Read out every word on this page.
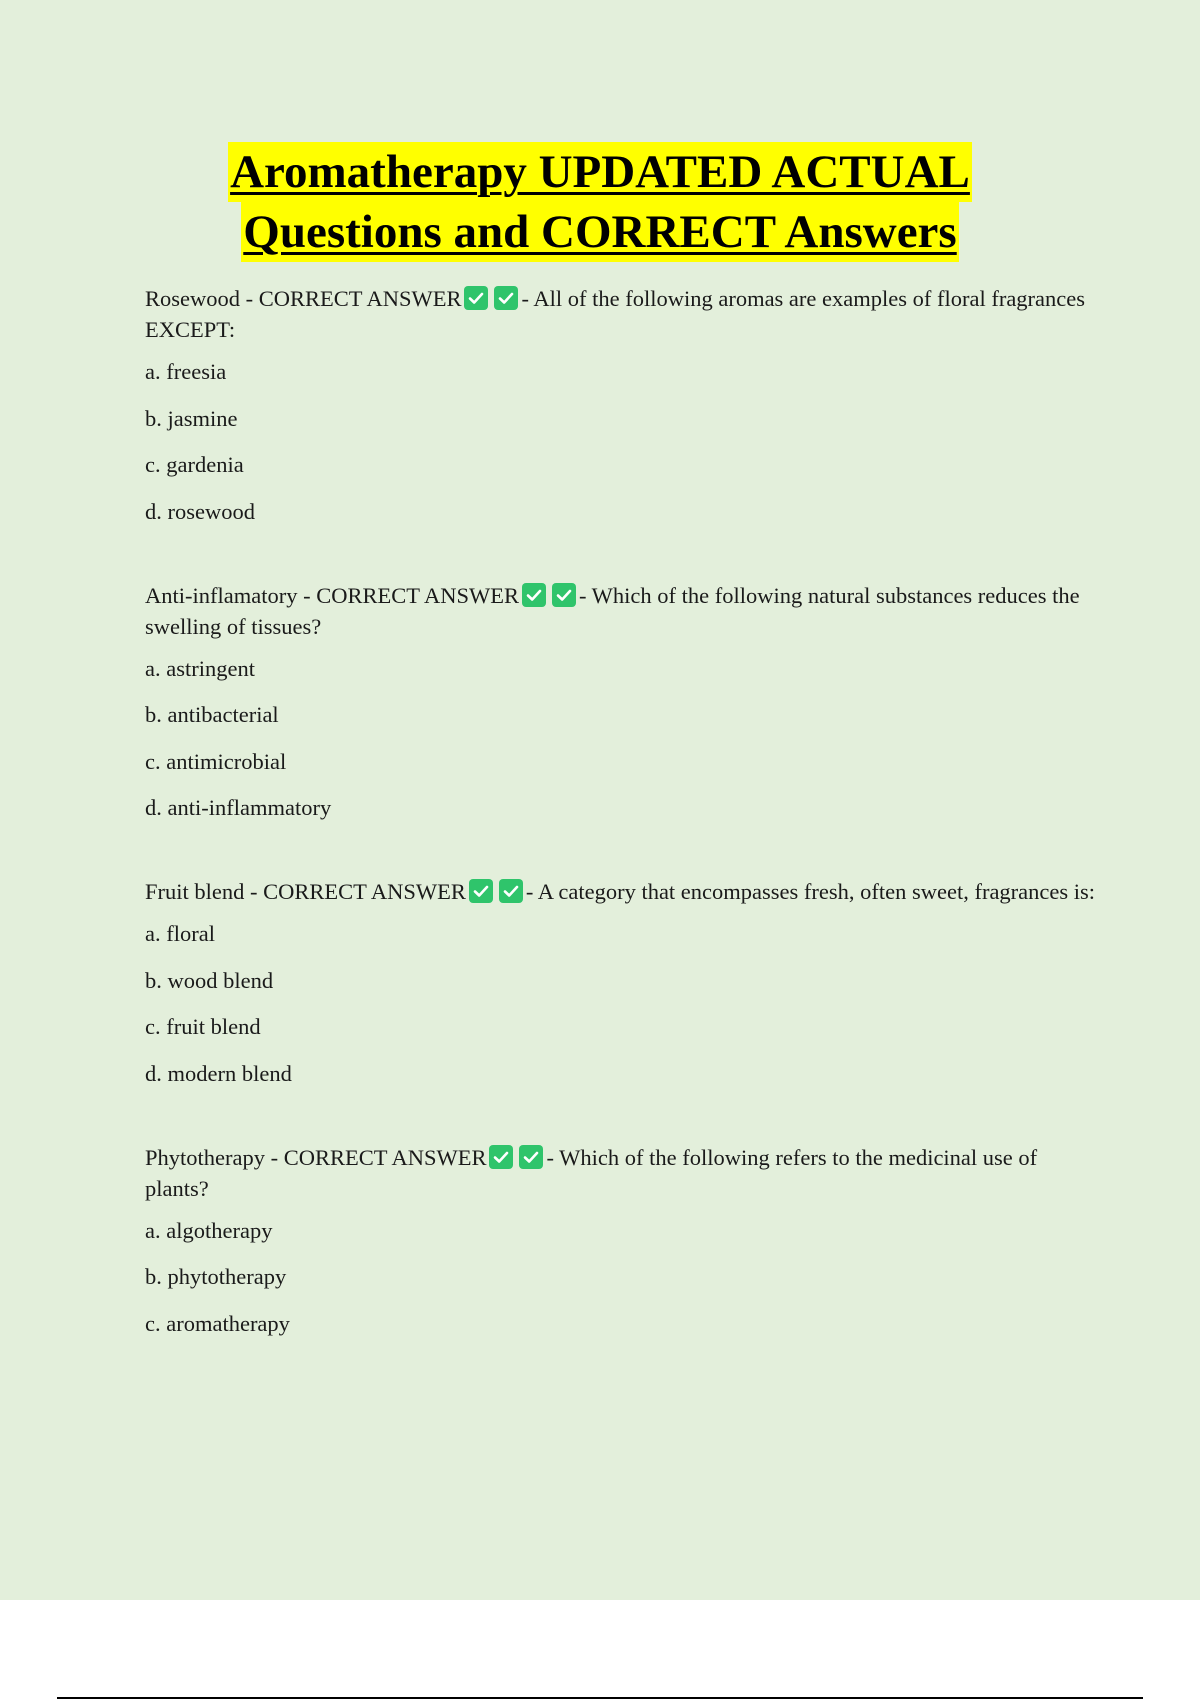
Aromatherapy UPDATED ACTUAL
Questions and CORRECT Answers

Rosewood - CORRECT ANSWER	- All of the following aromas are examples of floral fragrances EXCEPT:

a. freesia

b. jasmine

c. gardenia

d. rosewood

Anti-inflamatory - CORRECT ANSWER	- Which of the following natural substances reduces the swelling of tissues?

a. astringent

b. antibacterial

c. antimicrobial

d. anti-inflammatory

Fruit blend - CORRECT ANSWER	- A category that encompasses fresh, often sweet, fragrances is:

a. floral

b. wood blend

c. fruit blend

d. modern blend

Phytotherapy - CORRECT ANSWER	- Which of the following refers to the medicinal use of plants?

a. algotherapy

b. phytotherapy

c. aromatherapy
